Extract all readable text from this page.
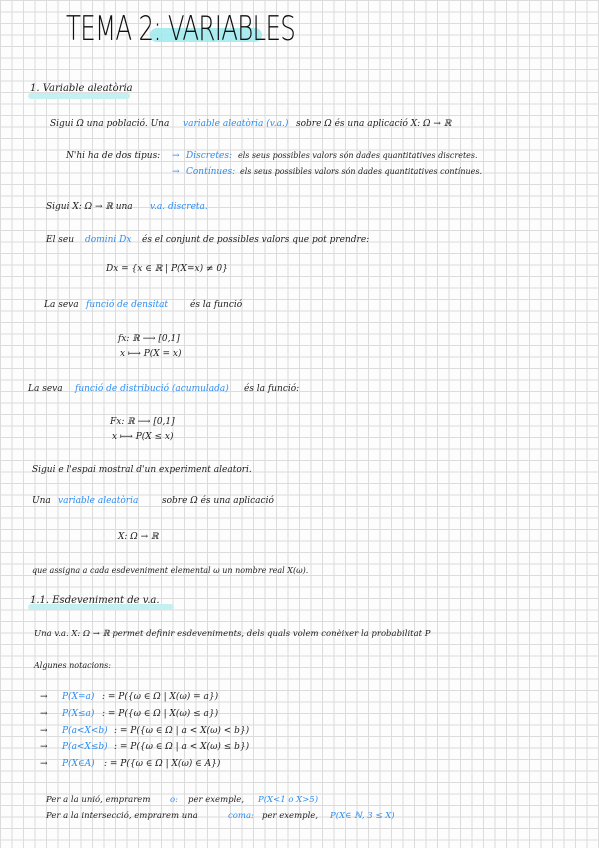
TEMA 2: VARIABLES
1. Variable aleatòria
Sigui Ω una població. Una variable aleatòria (v.a.) sobre Ω és una aplicació X: Ω → ℝ
N'hi ha de dos tipus: → Discretes: els seus possibles valors són dades quantitatives discretes.
→ Contínues: els seus possibles valors són dades quantitatives contínues.
Sigui X: Ω → ℝ una v.a. discreta.
El seu domini Dx és el conjunt de possibles valors que pot prendre:
Dx = {x ∈ ℝ | P(X=x) ≠ 0}
La seva funció de densitat és la funció
fx: ℝ ⟶ [0,1]
x ⟼ P(X = x)
La seva funció de distribució (acumulada) és la funció:
Fx: ℝ ⟶ [0,1]
x ⟼ P(X ≤ x)
Sigui e l'espai mostral d'un experiment aleatori.
Una variable aleatòria	sobre Ω és una aplicació
X: Ω → ℝ
que assigna a cada esdeveniment elemental ω un nombre real X(ω).
1.1. Esdeveniment de v.a.
Una v.a. X: Ω → ℝ permet definir esdeveniments, dels quals volem conèixer la probabilitat P
Algunes notacions:
→ P(X=a) : = P({ω ∈ Ω | X(ω) = a})
→ P(X≤a) : = P({ω ∈ Ω | X(ω) ≤ a})
→ P(a<X<b) : = P({ω ∈ Ω | a < X(ω) < b})
→ P(a<X≤b) : = P({ω ∈ Ω | a < X(ω) ≤ b})
→ P(X∈A) : = P({ω ∈ Ω | X(ω) ∈ A})
Per a la unió, emprarem o: per exemple, P(X<1 o X>5)
Per a la intersecció, emprarem una	coma: per exemple, P(X∈ ℕ, 3 ≤ X)
